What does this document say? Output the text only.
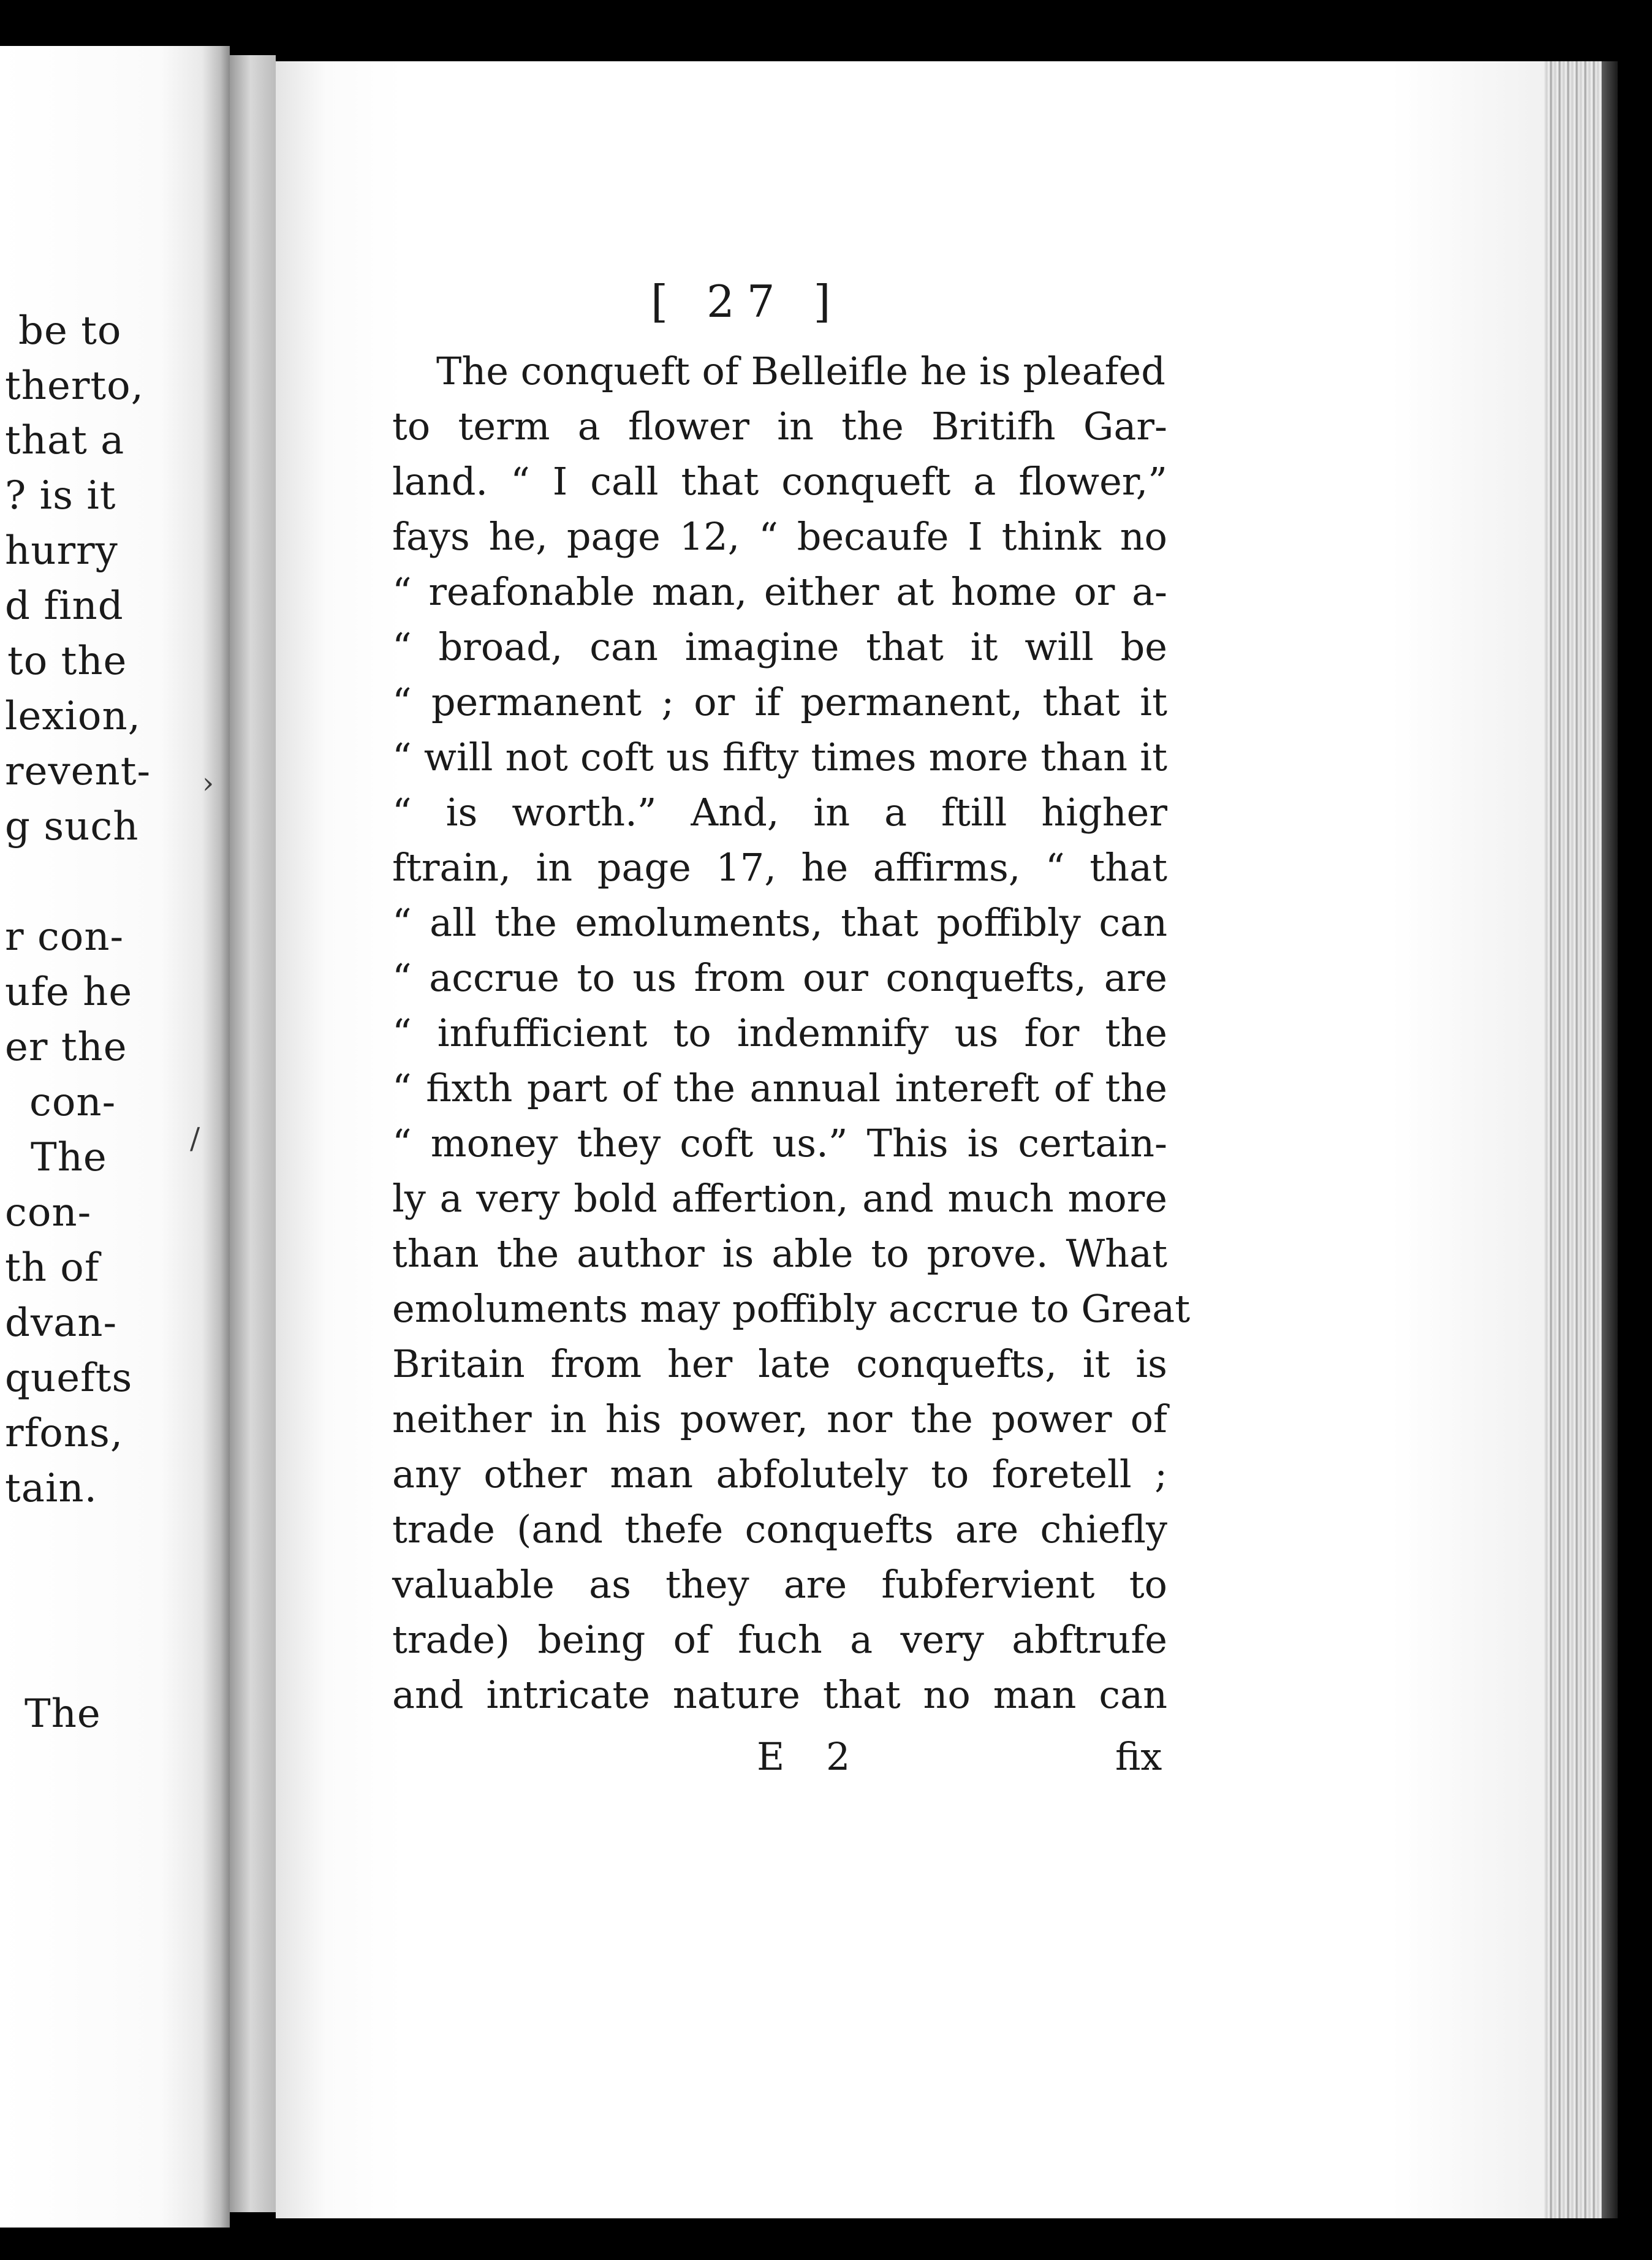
be to
therto,
that a
? is it
hurry
d find
to the
lexion,
revent-
g such
r con-
ufe he
er the
con-
The
con-
th of
dvan-
quefts
rfons,
tain.
The
›
/
[ 27 ]
The conqueft of Belleifle he is pleafed
to term a flower in the Britifh Gar-
land. “ I call that conqueft a flower,”
fays he, page 12, “ becaufe I think no
“ reafonable man, either at home or a-
“ broad, can imagine that it will be
“ permanent ; or if permanent, that it
“ will not coft us fifty times more than it
“ is worth.” And, in a ftill higher
ftrain, in page 17, he affirms, “ that
“ all the emoluments, that poffibly can
“ accrue to us from our conquefts, are
“ infufficient to indemnify us for the
“ fixth part of the annual intereft of the
“ money they coft us.” This is certain-
ly a very bold affertion, and much more
than the author is able to prove. What
emoluments may poffibly accrue to Great
Britain from her late conquefts, it is
neither in his power, nor the power of
any other man abfolutely to foretell ;
trade (and thefe conquefts are chiefly
valuable as they are fubfervient to
trade) being of fuch a very abftrufe
and intricate nature that no man can
E 2	fix
